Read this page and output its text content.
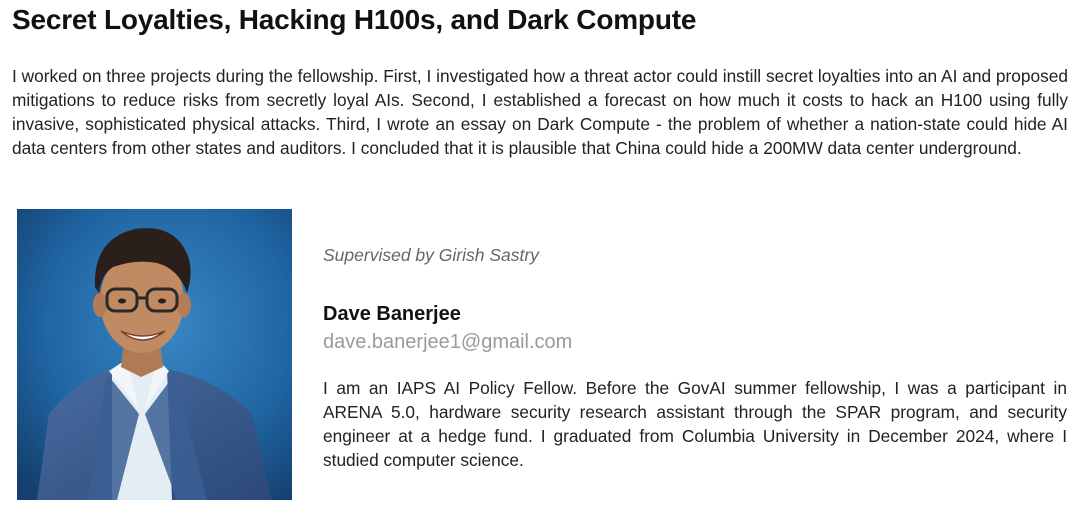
Secret Loyalties, Hacking H100s, and Dark Compute

I worked on three projects during the fellowship. First, I investigated how a threat actor could instill secret loyalties into an AI and proposed mitigations to reduce risks from secretly loyal AIs. Second, I established a forecast on how much it costs to hack an H100 using fully invasive, sophisticated physical attacks. Third, I wrote an essay on Dark Compute - the problem of whether a nation-state could hide AI data centers from other states and auditors. I concluded that it is plausible that China could hide a 200MW data center underground.

Supervised by Girish Sastry

Dave Banerjee

dave.banerjee1@gmail.com

I am an IAPS AI Policy Fellow. Before the GovAI summer fellowship, I was a participant in ARENA 5.0, hardware security research assistant through the SPAR program, and security engineer at a hedge fund. I graduated from Columbia University in December 2024, where I studied computer science.
